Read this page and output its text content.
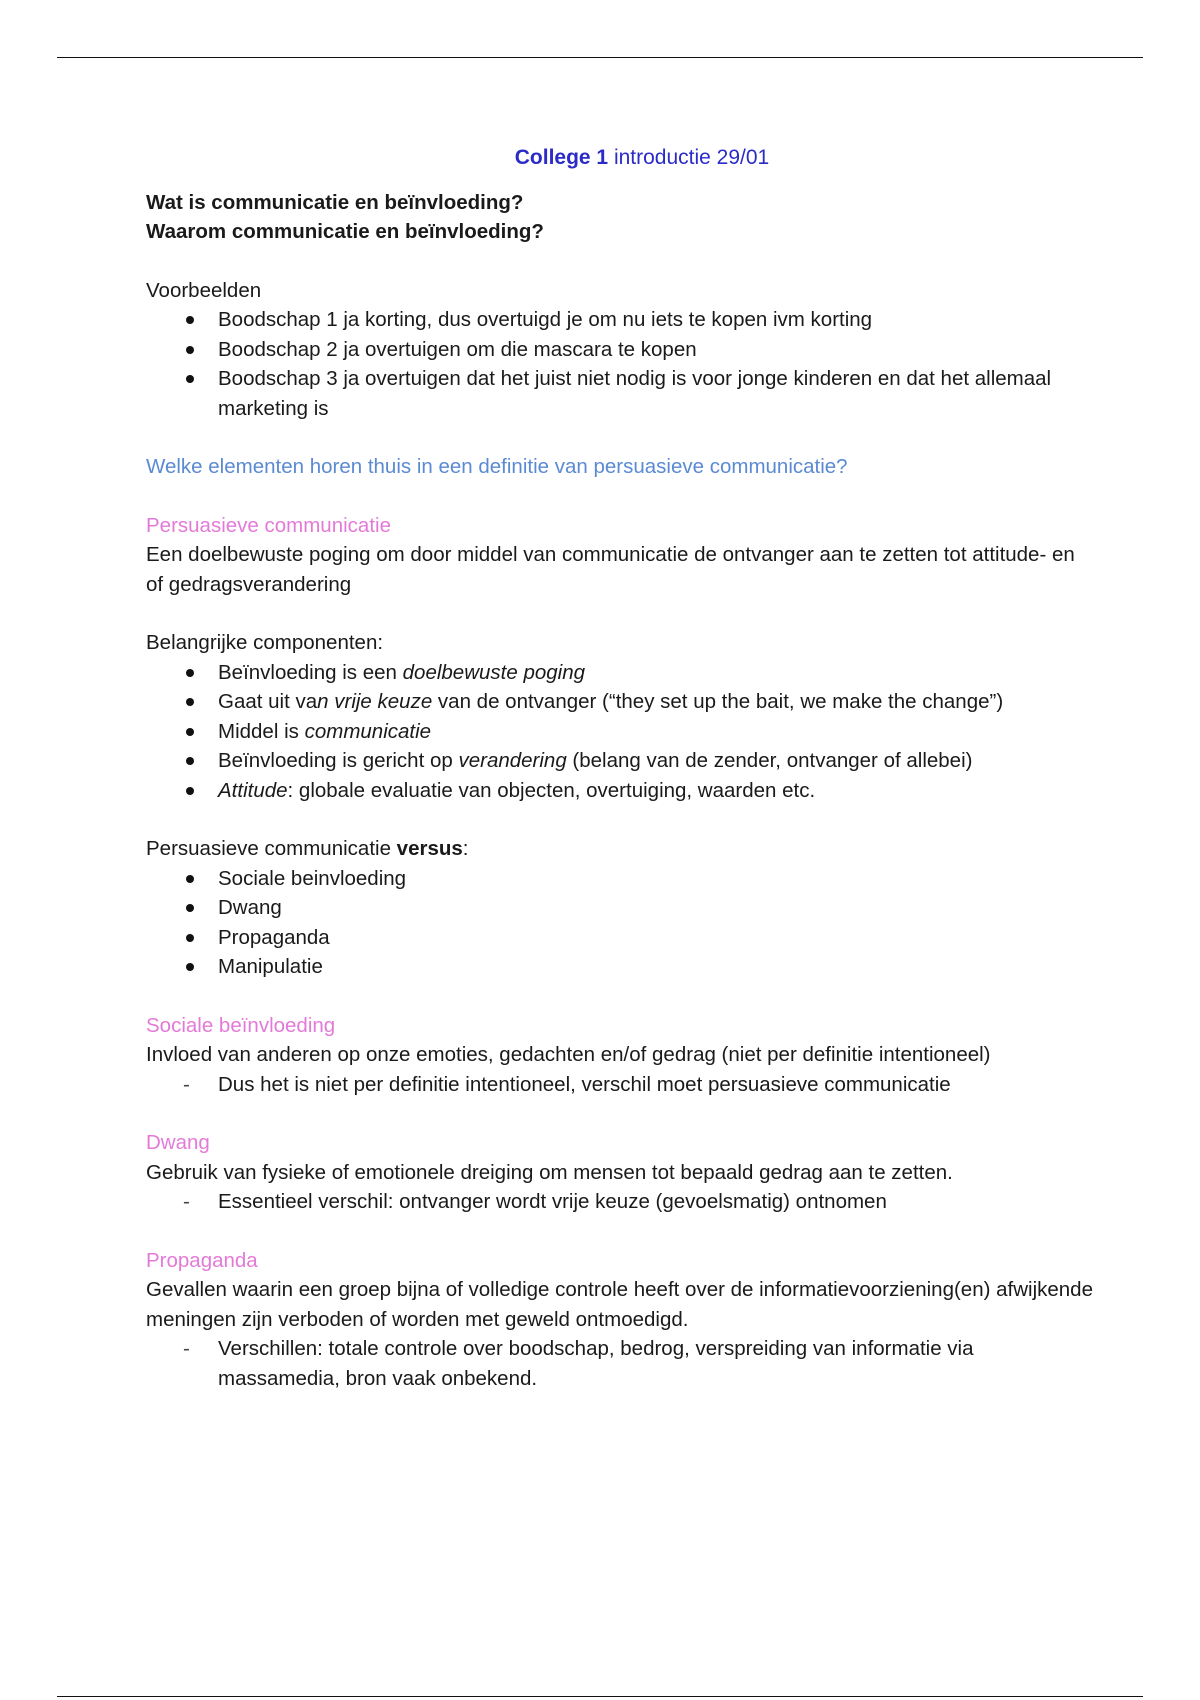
College 1 introductie 29/01
Wat is communicatie en beïnvloeding?
Waarom communicatie en beïnvloeding?
Voorbeelden
Boodschap 1 ja korting, dus overtuigd je om nu iets te kopen ivm korting
Boodschap 2 ja overtuigen om die mascara te kopen
Boodschap 3 ja overtuigen dat het juist niet nodig is voor jonge kinderen en dat het allemaal marketing is
Welke elementen horen thuis in een definitie van persuasieve communicatie?
Persuasieve communicatie
Een doelbewuste poging om door middel van communicatie de ontvanger aan te zetten tot attitude- en of gedragsverandering
Belangrijke componenten:
Beïnvloeding is een doelbewuste poging
Gaat uit van vrije keuze van de ontvanger (“they set up the bait, we make the change”)
Middel is communicatie
Beïnvloeding is gericht op verandering (belang van de zender, ontvanger of allebei)
Attitude: globale evaluatie van objecten, overtuiging, waarden etc.
Persuasieve communicatie versus:
Sociale beinvloeding
Dwang
Propaganda
Manipulatie
Sociale beïnvloeding
Invloed van anderen op onze emoties, gedachten en/of gedrag (niet per definitie intentioneel)
- Dus het is niet per definitie intentioneel, verschil moet persuasieve communicatie
Dwang
Gebruik van fysieke of emotionele dreiging om mensen tot bepaald gedrag aan te zetten.
- Essentieel verschil: ontvanger wordt vrije keuze (gevoelsmatig) ontnomen
Propaganda
Gevallen waarin een groep bijna of volledige controle heeft over de informatievoorziening(en) afwijkende meningen zijn verboden of worden met geweld ontmoedigd.
- Verschillen: totale controle over boodschap, bedrog, verspreiding van informatie via massamedia, bron vaak onbekend.
